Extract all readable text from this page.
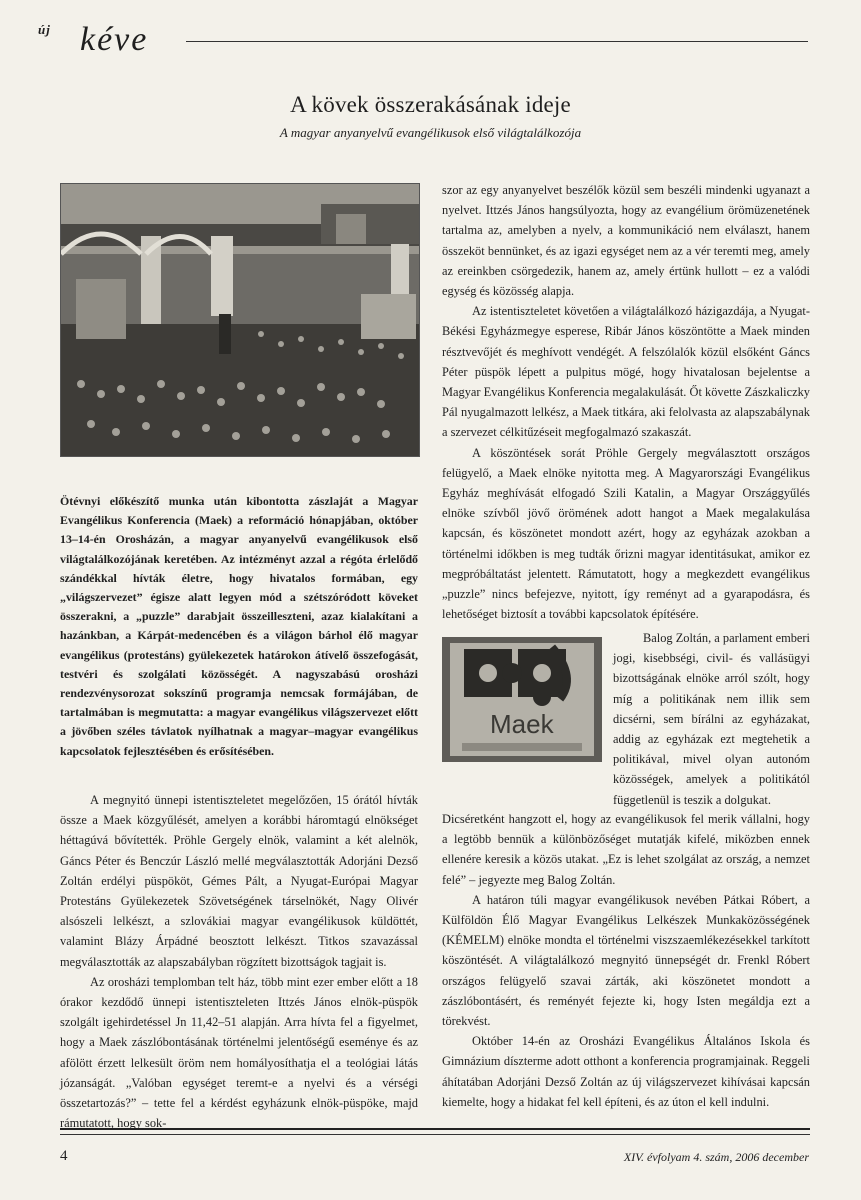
új kéve
A kövek összerakásának ideje
A magyar anyanyelvű evangélikusok első világtalálkozója

Ötévnyi előkészítő munka után kibontotta zászlaját a Magyar Evangélikus Konferencia (Maek) a reformáció hónapjában, október 13–14-én Orosházán, a magyar anyanyelvű evangélikusok első világtalálkozójának keretében. Az intézményt azzal a régóta érlelődő szándékkal hívták életre, hogy hivatalos formában, egy „világszervezet” égisze alatt legyen mód a szétszóródott köveket összerakni, a „puzzle” darabjait összeilleszteni, azaz kialakítani a hazánkban, a Kárpát-medencében és a világon bárhol élő magyar evangélikus (protestáns) gyülekezetek határokon átívelő összefogását, testvéri és szolgálati közösségét. A nagyszabású orosházi rendezvénysorozat sokszínű programja nemcsak formájában, de tartalmában is megmutatta: a magyar evangélikus világszervezet előtt a jövőben széles távlatok nyílhatnak a magyar–magyar evangélikus kapcsolatok fejlesztésében és erősítésében.

A megnyitó ünnepi istentiszteletet megelőzően, 15 órától hívták össze a Maek közgyűlését, amelyen a korábbi háromtagú elnökséget héttagúvá bővítették. Pröhle Gergely elnök, valamint a két alelnök, Gáncs Péter és Benczúr László mellé megválasztották Adorjáni Dezső Zoltán erdélyi püspököt, Gémes Pált, a Nyugat-Európai Magyar Protestáns Gyülekezetek Szövetségének társelnökét, Nagy Olivér alsószeli lelkészt, a szlovákiai magyar evangélikusok küldöttét, valamint Blázy Árpádné beosztott lelkészt. Titkos szavazással megválasztották az alapszabályban rögzített bizottságok tagjait is.

Az orosházi templomban telt ház, több mint ezer ember előtt a 18 órakor kezdődő ünnepi istentiszteleten Ittzés János elnök-püspök szolgált igehirdetéssel Jn 11,42–51 alapján. Arra hívta fel a figyelmet, hogy a Maek zászlóbontásának történelmi jelentőségű eseménye és az afölött érzett lelkesült öröm nem homályosíthatja el a teológiai látás józanságát. „Valóban egységet teremt-e a nyelvi és a vérségi összetartozás?” – tette fel a kérdést egyházunk elnök-püspöke, majd rámutatott, hogy sok-

szor az egy anyanyelvet beszélők közül sem beszéli mindenki ugyanazt a nyelvet. Ittzés János hangsúlyozta, hogy az evangélium örömüzenetének tartalma az, amelyben a nyelv, a kommunikáció nem elválaszt, hanem összeköt bennünket, és az igazi egységet nem az a vér teremti meg, amely az ereinkben csörgedezik, hanem az, amely értünk hullott – ez a valódi egység és közösség alapja.

Az istentiszteletet követően a világtalálkozó házigazdája, a Nyugat-Békési Egyházmegye esperese, Ribár János köszöntötte a Maek minden résztvevőjét és meghívott vendégét. A felszólalók közül elsőként Gáncs Péter püspök lépett a pulpitus mögé, hogy hivatalosan bejelentse a Magyar Evangélikus Konferencia megalakulását. Őt követte Zászkaliczky Pál nyugalmazott lelkész, a Maek titkára, aki felolvasta az alapszabálynak a szervezet célkitűzéseit megfogalmazó szakaszát.

A köszöntések sorát Pröhle Gergely megválasztott országos felügyelő, a Maek elnöke nyitotta meg. A Magyarországi Evangélikus Egyház meghívását elfogadó Szili Katalin, a Magyar Országgyűlés elnöke szívből jövő örömének adott hangot a Maek megalakulása kapcsán, és köszönetet mondott azért, hogy az egyházak azokban a történelmi időkben is meg tudták őrizni magyar identitásukat, amikor ez megpróbáltatást jelentett. Rámutatott, hogy a megkezdett evangélikus „puzzle” nincs befejezve, nyitott, így reményt ad a gyarapodásra, és lehetőséget biztosít a további kapcsolatok építésére.

Maek

Balog Zoltán, a parlament emberi jogi, kisebbségi, civil- és vallásügyi bizottságának elnöke arról szólt, hogy míg a politikának nem illik sem dicsérni, sem bírálni az egyházakat, addig az egyházak ezt megtehetik a politikával, mivel olyan autonóm közösségek, amelyek a politikától függetlenül is teszik a dolgukat.

Dicséretként hangzott el, hogy az evangélikusok fel merik vállalni, hogy a legtöbb bennük a különbözőséget mutatják kifelé, miközben ennek ellenére keresik a közös utakat. „Ez is lehet szolgálat az ország, a nemzet felé” – jegyezte meg Balog Zoltán.

A határon túli magyar evangélikusok nevében Pátkai Róbert, a Külföldön Élő Magyar Evangélikus Lelkészek Munkaközösségének (KÉMELM) elnöke mondta el történelmi viszszaemlékezésekkel tarkított köszöntését. A világtalálkozó megnyitó ünnepségét dr. Frenkl Róbert országos felügyelő szavai zárták, aki köszönetet mondott a zászlóbontásért, és reményét fejezte ki, hogy Isten megáldja ezt a törekvést.

Október 14-én az Orosházi Evangélikus Általános Iskola és Gimnázium díszterme adott otthont a konferencia programjainak. Reggeli áhítatában Adorjáni Dezső Zoltán az új világszervezet kihívásai kapcsán kiemelte, hogy a hidakat fel kell építeni, és az úton el kell indulni.

4	XIV. évfolyam 4. szám, 2006 december
